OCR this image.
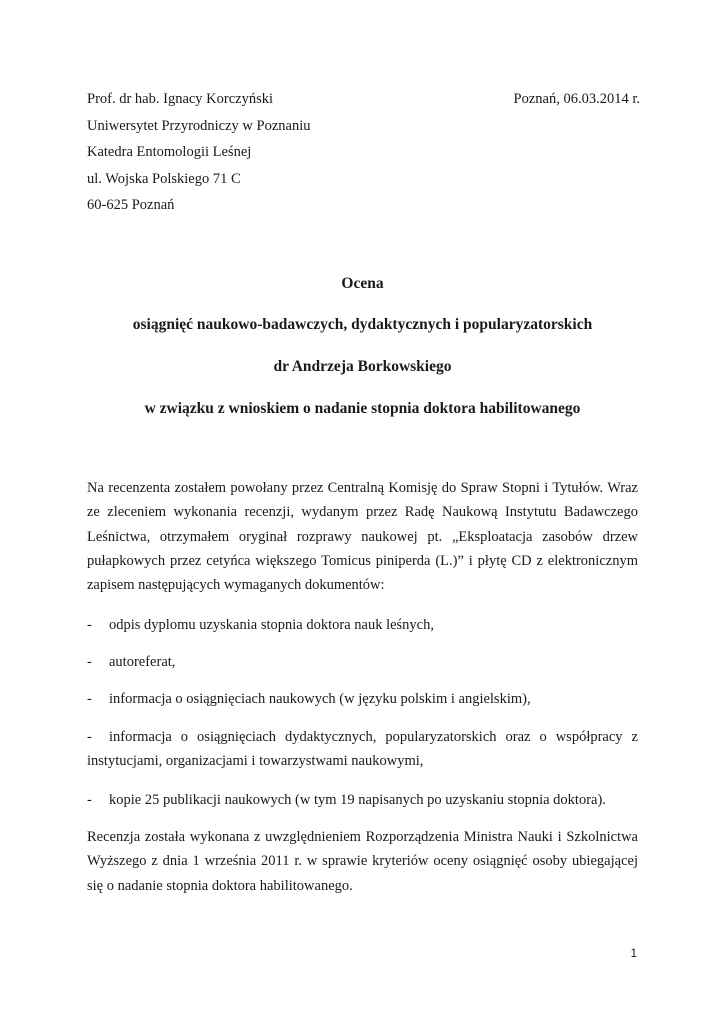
Prof. dr hab. Ignacy Korczyński
Uniwersytet Przyrodniczy w Poznaniu
Katedra Entomologii Leśnej
ul. Wojska Polskiego 71 C
60-625 Poznań
Poznań, 06.03.2014 r.
Ocena
osiągnięć naukowo-badawczych, dydaktycznych i popularyzatorskich
dr Andrzeja Borkowskiego
w związku z wnioskiem o nadanie stopnia doktora habilitowanego

Na recenzenta zostałem powołany przez Centralną Komisję do Spraw Stopni i Tytułów. Wraz ze zleceniem wykonania recenzji, wydanym przez Radę Naukową Instytutu Badawczego Leśnictwa, otrzymałem oryginał rozprawy naukowej pt. „Eksploatacja zasobów drzew pułapkowych przez cetyńca większego Tomicus piniperda (L.)” i płytę CD z elektronicznym zapisem następujących wymaganych dokumentów:

- odpis dyplomu uzyskania stopnia doktora nauk leśnych,
- autoreferat,
- informacja o osiągnięciach naukowych (w języku polskim i angielskim),
- informacja o osiągnięciach dydaktycznych, popularyzatorskich oraz o współpracy z instytucjami, organizacjami i towarzystwami naukowymi,
- kopie 25 publikacji naukowych (w tym 19 napisanych po uzyskaniu stopnia doktora).

Recenzja została wykonana z uwzględnieniem Rozporządzenia Ministra Nauki i Szkolnictwa Wyższego z dnia 1 września 2011 r. w sprawie kryteriów oceny osiągnięć osoby ubiegającej się o nadanie stopnia doktora habilitowanego.

1
